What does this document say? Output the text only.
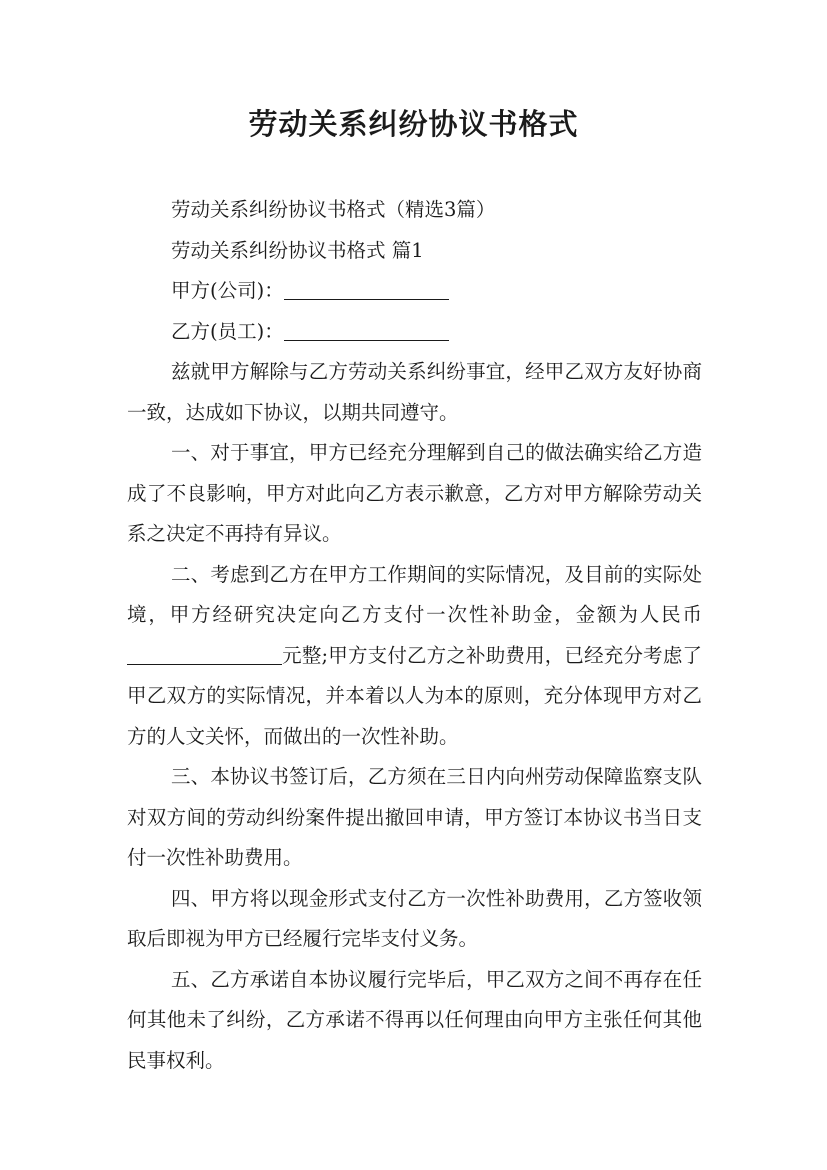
劳动关系纠纷协议书格式

劳动关系纠纷协议书格式（精选3篇）

劳动关系纠纷协议书格式 篇1

甲方(公司)：

乙方(员工)：

兹就甲方解除与乙方劳动关系纠纷事宜，经甲乙双方友好协商一致，达成如下协议，以期共同遵守。

一、对于事宜，甲方已经充分理解到自己的做法确实给乙方造成了不良影响，甲方对此向乙方表示歉意，乙方对甲方解除劳动关系之决定不再持有异议。

二、考虑到乙方在甲方工作期间的实际情况，及目前的实际处境，甲方经研究决定向乙方支付一次性补助金，金额为人民币元整;甲方支付乙方之补助费用，已经充分考虑了甲乙双方的实际情况，并本着以人为本的原则，充分体现甲方对乙方的人文关怀，而做出的一次性补助。

三、本协议书签订后，乙方须在三日内向州劳动保障监察支队对双方间的劳动纠纷案件提出撤回申请，甲方签订本协议书当日支付一次性补助费用。

四、甲方将以现金形式支付乙方一次性补助费用，乙方签收领取后即视为甲方已经履行完毕支付义务。

五、乙方承诺自本协议履行完毕后，甲乙双方之间不再存在任何其他未了纠纷，乙方承诺不得再以任何理由向甲方主张任何其他民事权利。
